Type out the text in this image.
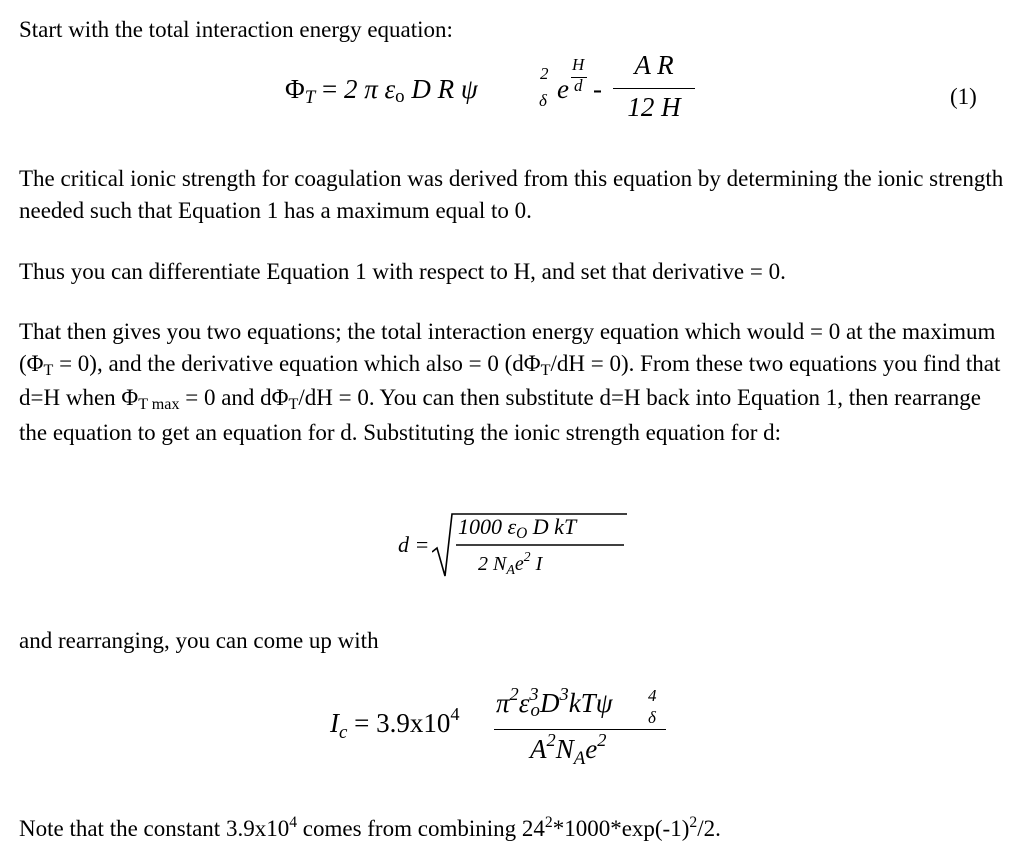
Start with the total interaction energy equation:

ΦT = 2 π εo D R ψ
2
δ e
H
d -
A R
12 H	(1)

The critical ionic strength for coagulation was derived from this equation by determining the ionic strength needed such that Equation 1 has a maximum equal to 0.

Thus you can differentiate Equation 1 with respect to H, and set that derivative = 0.

That then gives you two equations; the total interaction energy equation which would = 0 at the maximum (ΦT = 0), and the derivative equation which also = 0 (dΦT/dH = 0). From these two equations you find that d=H when ΦT max = 0 and dΦT/dH = 0. You can then substitute d=H back into Equation 1, then rearrange the equation to get an equation for d. Substituting the ionic strength equation for d:

d =
1000 εO D kT
2 $N_Ae^2$ I

and rearranging, you can come up with

$I_c = 3.9x10^4$ $\pi^2\varepsilon^3oD^3kT\psi$ 4
δ
$A^2N_Ae^2$

Note that the constant $3.9x10^4$ comes from combining $24^2*1000*\exp(-1)^2/2$.
